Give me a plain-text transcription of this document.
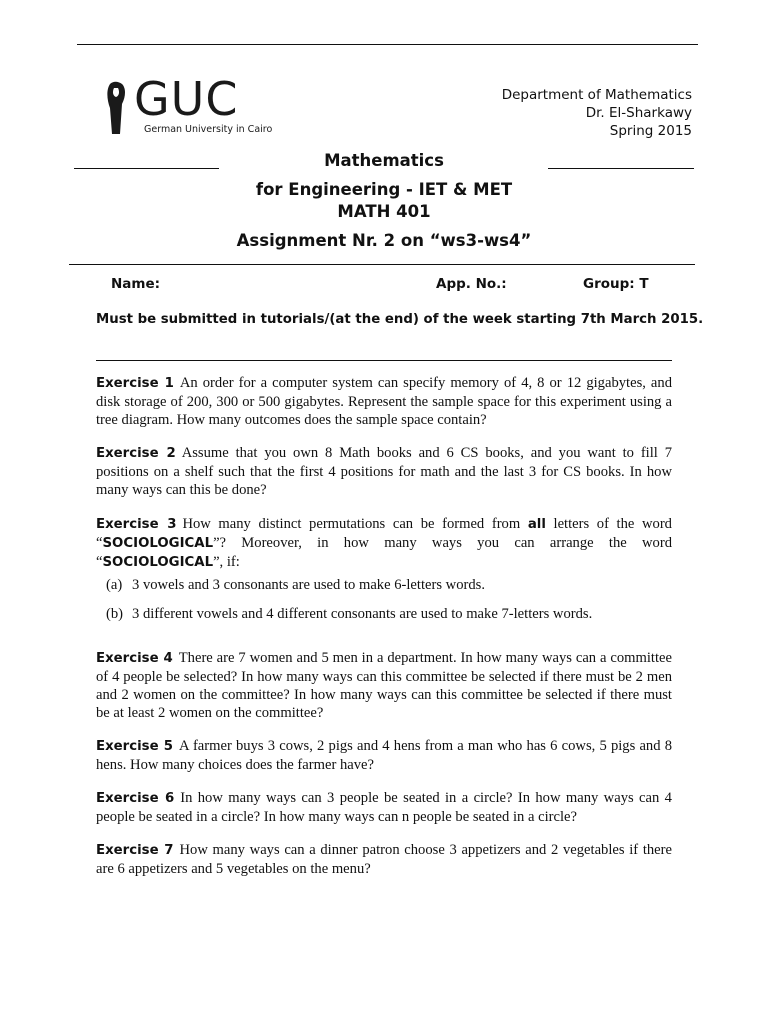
GUC
German University in Cairo
Department of Mathematics
Dr. El-Sharkawy
Spring 2015
Mathematics
for Engineering - IET & MET
MATH 401
Assignment Nr. 2 on “ws3-ws4”
Name:	App. No.:	Group: T
Must be submitted in tutorials/(at the end) of the week starting 7th March 2015.
Exercise 1 An order for a computer system can specify memory of 4, 8 or 12 gigabytes, and disk storage of 200, 300 or 500 gigabytes. Represent the sample space for this experiment using a tree diagram. How many outcomes does the sample space contain?
Exercise 2 Assume that you own 8 Math books and 6 CS books, and you want to fill 7 positions on a shelf such that the first 4 positions for math and the last 3 for CS books. In how many ways can this be done?
Exercise 3 How many distinct permutations can be formed from all letters of the word “SOCIOLOGICAL”? Moreover, in how many ways you can arrange the word “SOCIOLOGICAL”, if:
(a) 3 vowels and 3 consonants are used to make 6-letters words.
(b) 3 different vowels and 4 different consonants are used to make 7-letters words.
Exercise 4 There are 7 women and 5 men in a department. In how many ways can a committee of 4 people be selected? In how many ways can this committee be selected if there must be 2 men and 2 women on the committee? In how many ways can this committee be selected if there must be at least 2 women on the committee?
Exercise 5 A farmer buys 3 cows, 2 pigs and 4 hens from a man who has 6 cows, 5 pigs and 8 hens. How many choices does the farmer have?
Exercise 6 In how many ways can 3 people be seated in a circle? In how many ways can 4 people be seated in a circle? In how many ways can n people be seated in a circle?
Exercise 7 How many ways can a dinner patron choose 3 appetizers and 2 vegetables if there are 6 appetizers and 5 vegetables on the menu?
